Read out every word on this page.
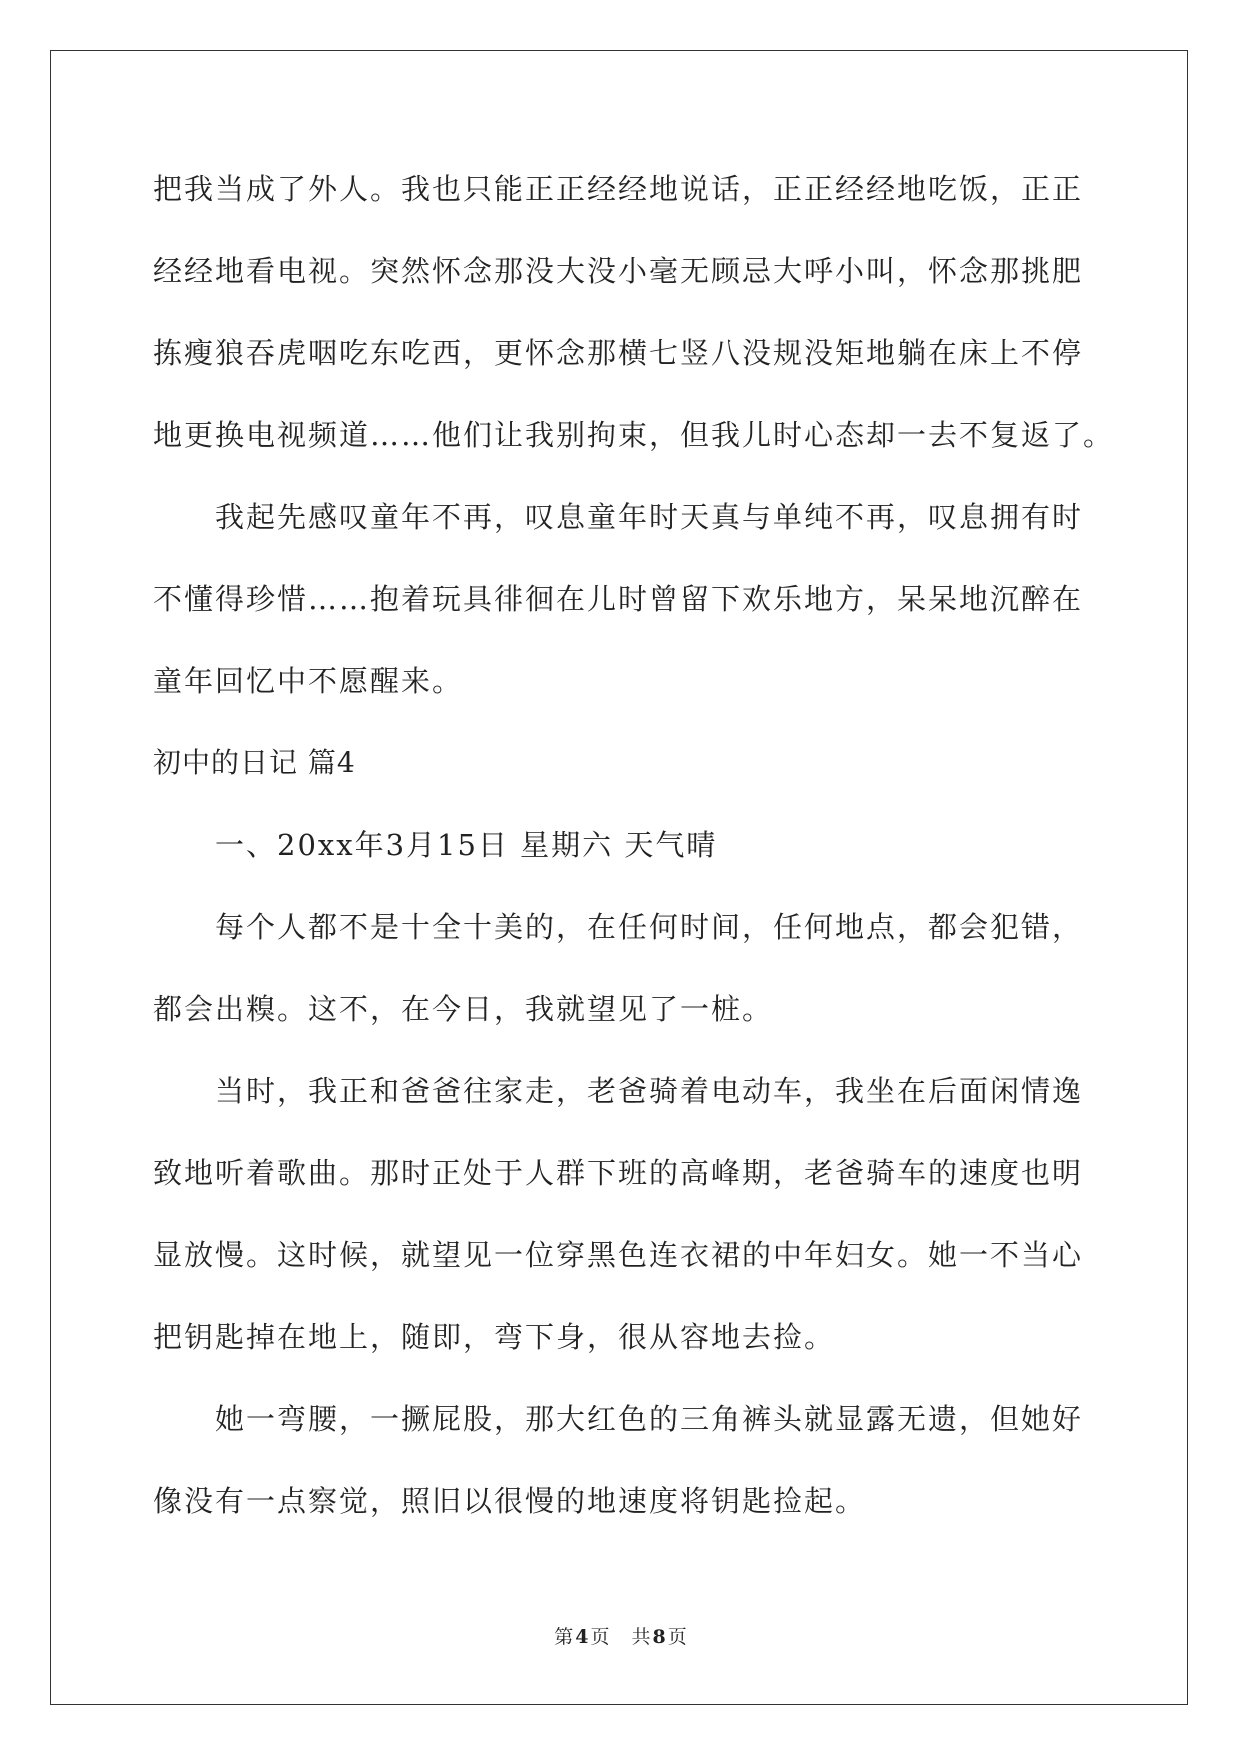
把我当成了外人。我也只能正正经经地说话，正正经经地吃饭，正正
经经地看电视。突然怀念那没大没小毫无顾忌大呼小叫，怀念那挑肥
拣瘦狼吞虎咽吃东吃西，更怀念那横七竖八没规没矩地躺在床上不停
地更换电视频道……他们让我别拘束，但我儿时心态却一去不复返了。
我起先感叹童年不再，叹息童年时天真与单纯不再，叹息拥有时
不懂得珍惜……抱着玩具徘徊在儿时曾留下欢乐地方，呆呆地沉醉在
童年回忆中不愿醒来。
初中的日记 篇4
一、20xx年3月15日 星期六 天气晴
每个人都不是十全十美的，在任何时间，任何地点，都会犯错，
都会出糗。这不，在今日，我就望见了一桩。
当时，我正和爸爸往家走，老爸骑着电动车，我坐在后面闲情逸
致地听着歌曲。那时正处于人群下班的高峰期，老爸骑车的速度也明
显放慢。这时候，就望见一位穿黑色连衣裙的中年妇女。她一不当心
把钥匙掉在地上，随即，弯下身，很从容地去捡。
她一弯腰，一撅屁股，那大红色的三角裤头就显露无遗，但她好
像没有一点察觉，照旧以很慢的地速度将钥匙捡起。
第 4 页 共 8 页
